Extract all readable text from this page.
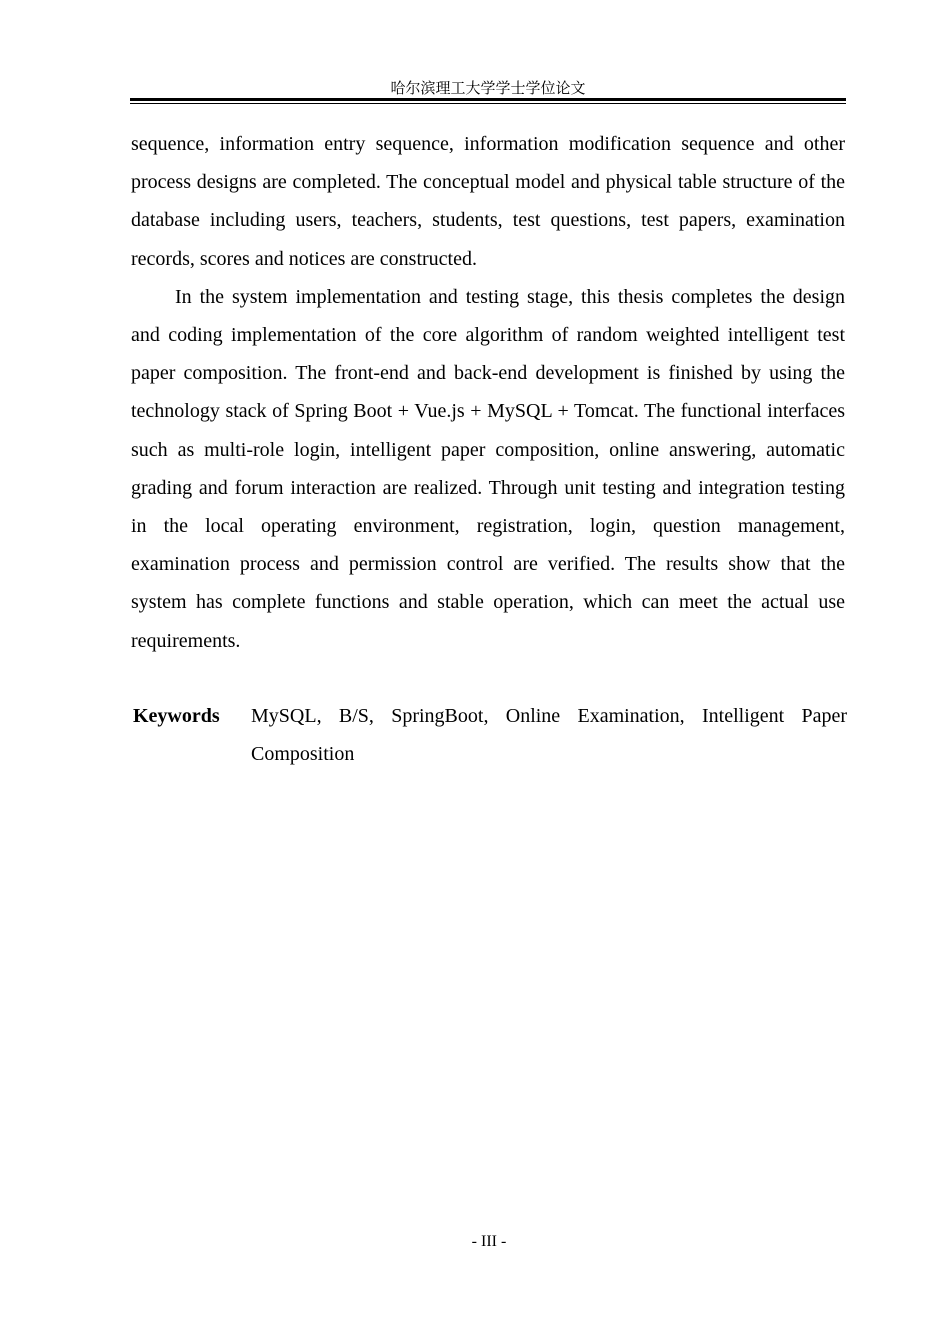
哈尔滨理工大学学士学位论文

sequence, information entry sequence, information modification sequence and other process designs are completed. The conceptual model and physical table structure of the database including users, teachers, students, test questions, test papers, examination records, scores and notices are constructed.

In the system implementation and testing stage, this thesis completes the design and coding implementation of the core algorithm of random weighted intelligent test paper composition. The front-end and back-end development is finished by using the technology stack of Spring Boot + Vue.js + MySQL + Tomcat. The functional interfaces such as multi-role login, intelligent paper composition, online answering, automatic grading and forum interaction are realized. Through unit testing and integration testing in the local operating environment, registration, login, question management, examination process and permission control are verified. The results show that the system has complete functions and stable operation, which can meet the actual use requirements.

Keywords	MySQL, B/S, SpringBoot, Online Examination, Intelligent Paper Composition
- III -
